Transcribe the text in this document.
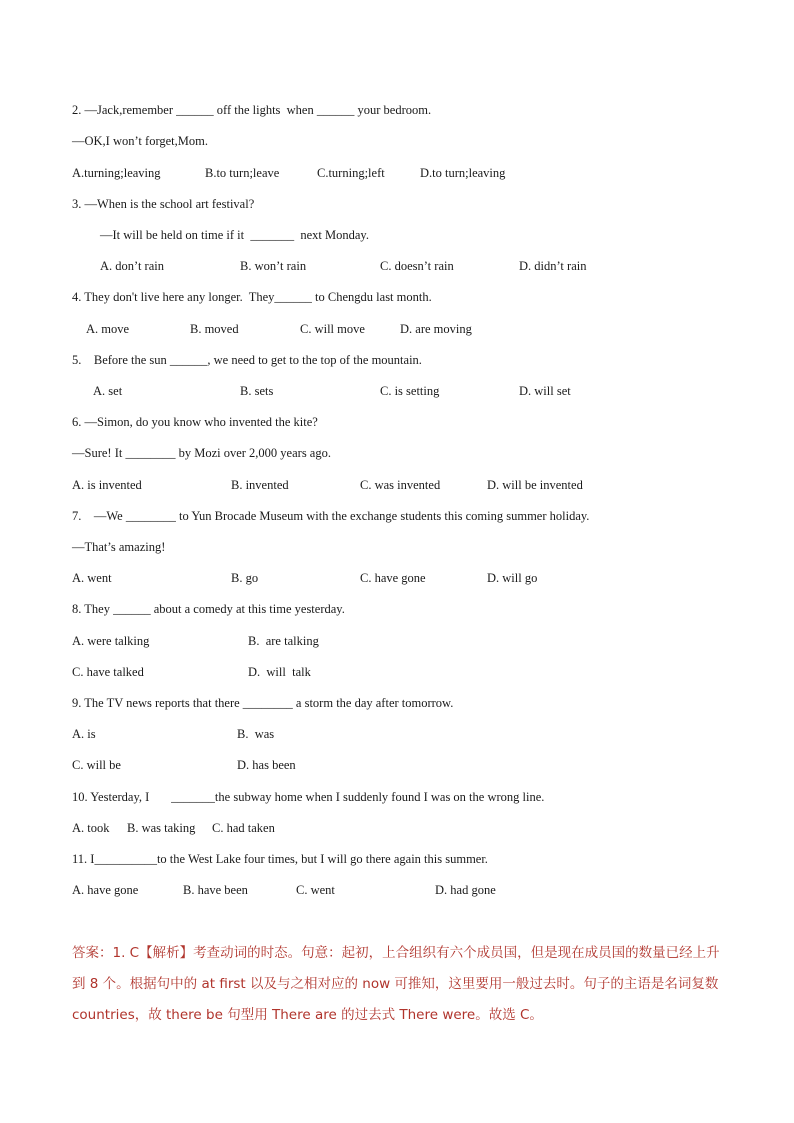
2. —Jack,remember ______ off the lights  when ______ your bedroom.
—OK,I won’t forget,Mom.
A.turning;leaving	B.to turn;leave	C.turning;left	D.to turn;leaving
3. —When is the school art festival?
—It will be held on time if it  _______  next Monday.
A. don’t rain	B. won’t rain	C. doesn’t rain	D. didn’t rain
4. They don't live here any longer.  They______ to Chengdu last month.
A. move	B. moved	C. will move	D. are moving
5.    Before the sun ______, we need to get to the top of the mountain.
A. set	B. sets	C. is setting	D. will set
6. —Simon, do you know who invented the kite?
—Sure! It ________ by Mozi over 2,000 years ago.
A. is invented	B. invented	C. was invented	D. will be invented
7.    —We ________ to Yun Brocade Museum with the exchange students this coming summer holiday.
—That’s amazing!
A. went	B. go	C. have gone	D. will go
8. They ______ about a comedy at this time yesterday.
A. were talking	B.  are talking
C. have talked	D.  will  talk
9. The TV news reports that there ________ a storm the day after tomorrow.
A. is	B.  was
C. will be	D. has been
10. Yesterday, I       _______the subway home when I suddenly found I was on the wrong line.
A. took B. was taking C. had taken
11. I__________to the West Lake four times, but I will go there again this summer.
A. have gone	B. have been	C. went	D. had gone
答案：1. C【解析】考查动词的时态。句意：起初，上合组织有六个成员国，但是现在成员国的数量已经上升到 8 个。根据句中的 at first 以及与之相对应的 now 可推知，这里要用一般过去时。句子的主语是名词复数 countries，故 there be 句型用 There are 的过去式 There were。故选 C。
